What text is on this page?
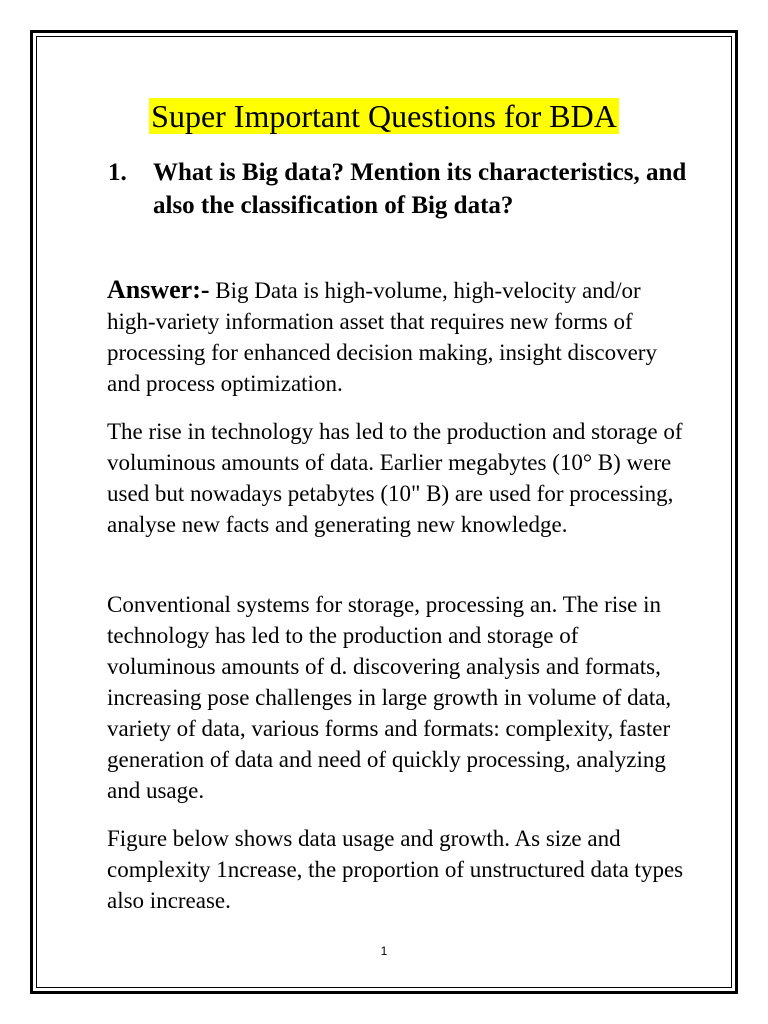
Super Important Questions for BDA
1.	What is Big data? Mention its characteristics, and also the classification of Big data?
Answer:- Big Data is high-volume, high-velocity and/or high-variety information asset that requires new forms of processing for enhanced decision making, insight discovery and process optimization.
The rise in technology has led to the production and storage of voluminous amounts of data. Earlier megabytes (10° B) were used but nowadays petabytes (10" B) are used for processing, analyse new facts and generating new knowledge.
Conventional systems for storage, processing an. The rise in technology has led to the production and storage of voluminous amounts of d. discovering analysis and formats, increasing pose challenges in large growth in volume of data, variety of data, various forms and formats: complexity, faster generation of data and need of quickly processing, analyzing and usage.
Figure below shows data usage and growth. As size and complexity 1ncrease, the proportion of unstructured data types also increase.
1
